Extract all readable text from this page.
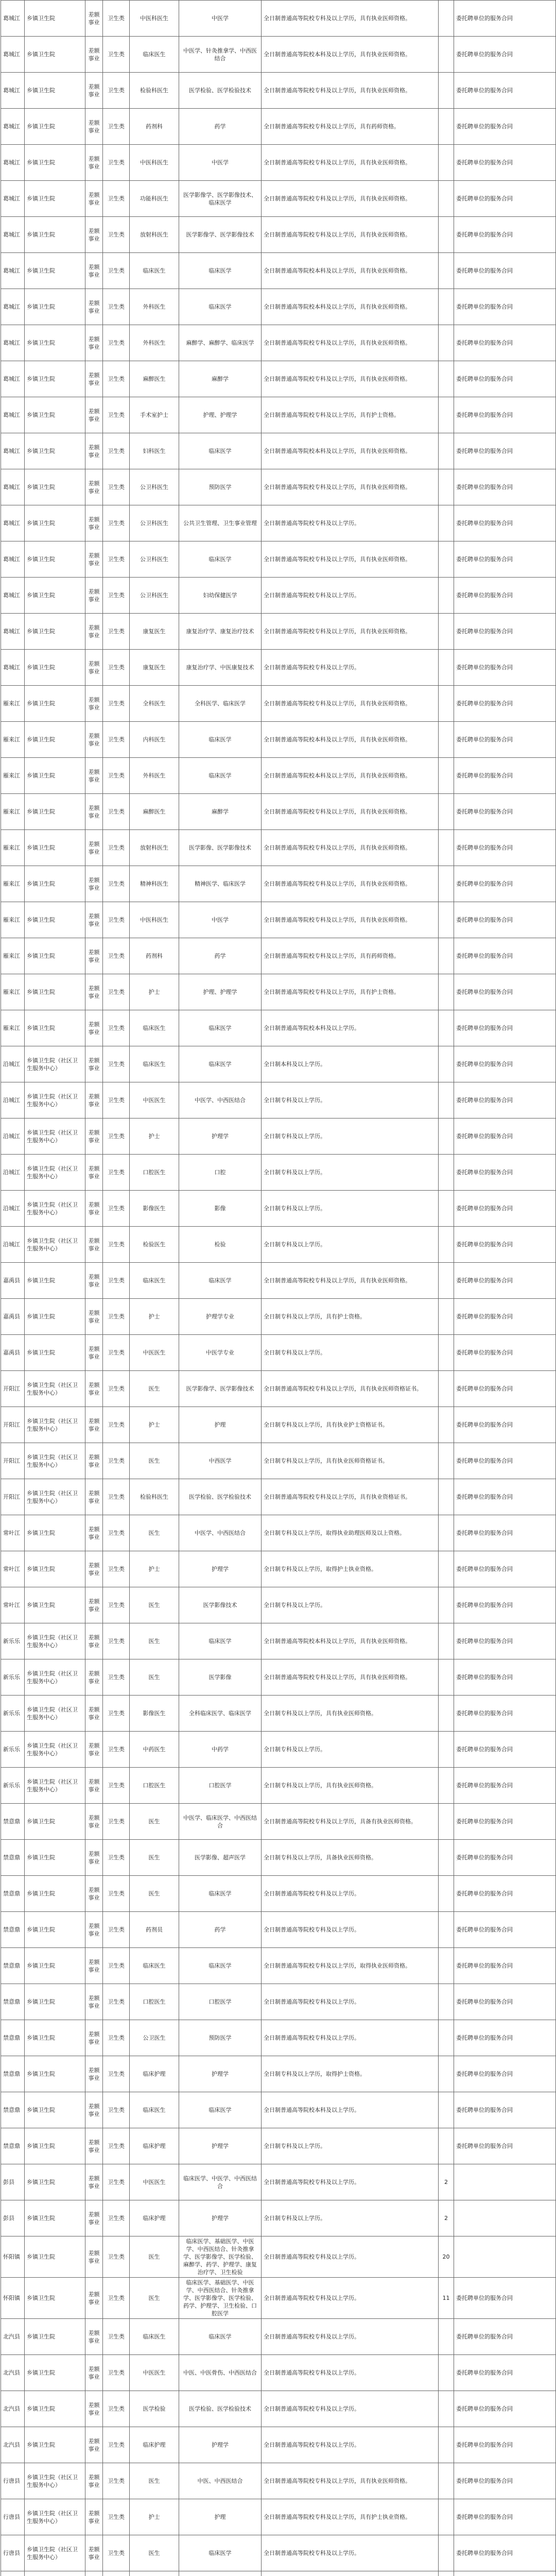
葛城江	乡镇卫生院	差额事业	卫生类	中医科医生	中医学	全日制普通高等院校专科及以上学历，具有执业医师资格。		委托聘单位的服务合同
葛城江	乡镇卫生院	差额事业	卫生类	临床医生	中医学、针灸推拿学、中西医结合	全日制普通高等院校本科及以上学历，具有执业医师资格。		委托聘单位的服务合同
葛城江	乡镇卫生院	差额事业	卫生类	检验科医生	医学检验、医学检验技术	全日制普通高等院校专科及以上学历，具有执业医师资格。		委托聘单位的服务合同
葛城江	乡镇卫生院	差额事业	卫生类	药剂科	药学	全日制普通高等院校专科及以上学历，具有药师资格。		委托聘单位的服务合同
葛城江	乡镇卫生院	差额事业	卫生类	中医科医生	中医学	全日制普通高等院校专科及以上学历，具有执业医师资格。		委托聘单位的服务合同
葛城江	乡镇卫生院	差额事业	卫生类	功能科医生	医学影像学、医学影像技术、临床医学	全日制普通高等院校专科及以上学历，具有执业医师资格。		委托聘单位的服务合同
葛城江	乡镇卫生院	差额事业	卫生类	放射科医生	医学影像学、医学影像技术	全日制普通高等院校专科及以上学历，具有执业医师资格。		委托聘单位的服务合同
葛城江	乡镇卫生院	差额事业	卫生类	临床医生	临床医学	全日制普通高等院校本科及以上学历，具有执业医师资格。		委托聘单位的服务合同
葛城江	乡镇卫生院	差额事业	卫生类	外科医生	临床医学	全日制普通高等院校本科及以上学历，具有执业医师资格。		委托聘单位的服务合同
葛城江	乡镇卫生院	差额事业	卫生类	外科医生	麻醉学、麻醉学、临床医学	全日制普通高等院校专科及以上学历，具有执业医师资格。		委托聘单位的服务合同
葛城江	乡镇卫生院	差额事业	卫生类	麻醉医生	麻醉学	全日制普通高等院校专科及以上学历，具有执业医师资格。		委托聘单位的服务合同
葛城江	乡镇卫生院	差额事业	卫生类	手术室护士	护理、护理学	全日制普通高等院校专科及以上学历，具有护士资格。		委托聘单位的服务合同
葛城江	乡镇卫生院	差额事业	卫生类	妇科医生	临床医学	全日制普通高等院校本科及以上学历，具有执业医师资格。		委托聘单位的服务合同
葛城江	乡镇卫生院	差额事业	卫生类	公卫科医生	预防医学	全日制普通高等院校专科及以上学历，具有执业医师资格。		委托聘单位的服务合同
葛城江	乡镇卫生院	差额事业	卫生类	公卫科医生	公共卫生管理、卫生事业管理	全日制普通高等院校专科及以上学历。		委托聘单位的服务合同
葛城江	乡镇卫生院	差额事业	卫生类	公卫科医生	临床医学	全日制普通高等院校专科及以上学历，具有执业医师资格。		委托聘单位的服务合同
葛城江	乡镇卫生院	差额事业	卫生类	公卫科医生	妇幼保健医学	全日制普通高等院校专科及以上学历。		委托聘单位的服务合同
葛城江	乡镇卫生院	差额事业	卫生类	康复医生	康复治疗学、康复治疗技术	全日制普通高等院校专科及以上学历，具有执业医师资格。		委托聘单位的服务合同
葛城江	乡镇卫生院	差额事业	卫生类	康复医生	康复治疗学、中医康复技术	全日制普通高等院校专科及以上学历。		委托聘单位的服务合同
雁来江	乡镇卫生院	差额事业	卫生类	全科医生	全科医学、临床医学	全日制普通高等院校专科及以上学历，具有执业医师资格。		委托聘单位的服务合同
雁来江	乡镇卫生院	差额事业	卫生类	内科医生	临床医学	全日制普通高等院校本科及以上学历，具有执业医师资格。		委托聘单位的服务合同
雁来江	乡镇卫生院	差额事业	卫生类	外科医生	临床医学	全日制普通高等院校本科及以上学历，具有执业医师资格。		委托聘单位的服务合同
雁来江	乡镇卫生院	差额事业	卫生类	麻醉医生	麻醉学	全日制普通高等院校专科及以上学历，具有执业医师资格。		委托聘单位的服务合同
雁来江	乡镇卫生院	差额事业	卫生类	放射科医生	医学影像、医学影像技术	全日制普通高等院校专科及以上学历，具有执业医师资格。		委托聘单位的服务合同
雁来江	乡镇卫生院	差额事业	卫生类	精神科医生	精神医学、临床医学	全日制普通高等院校专科及以上学历，具有执业医师资格。		委托聘单位的服务合同
雁来江	乡镇卫生院	差额事业	卫生类	中医科医生	中医学	全日制普通高等院校专科及以上学历，具有执业医师资格。		委托聘单位的服务合同
雁来江	乡镇卫生院	差额事业	卫生类	药剂科	药学	全日制普通高等院校专科及以上学历，具有药师资格。		委托聘单位的服务合同
雁来江	乡镇卫生院	差额事业	卫生类	护士	护理、护理学	全日制普通高等院校专科及以上学历，具有护士资格。		委托聘单位的服务合同
雁来江	乡镇卫生院	差额事业	卫生类	临床医生	临床医学	全日制普通高等院校本科及以上学历。		委托聘单位的服务合同
沿城江	乡镇卫生院（社区卫生服务中心）	差额事业	卫生类	临床医生	临床医学	全日制本科及以上学历。		委托聘单位的服务合同
沿城江	乡镇卫生院（社区卫生服务中心）	差额事业	卫生类	中医医生	中医学、中西医结合	全日制专科及以上学历。		委托聘单位的服务合同
沿城江	乡镇卫生院（社区卫生服务中心）	差额事业	卫生类	护士	护理学	全日制专科及以上学历。		委托聘单位的服务合同
沿城江	乡镇卫生院（社区卫生服务中心）	差额事业	卫生类	口腔医生	口腔	全日制专科及以上学历。		委托聘单位的服务合同
沿城江	乡镇卫生院（社区卫生服务中心）	差额事业	卫生类	影像医生	影像	全日制专科及以上学历。		委托聘单位的服务合同
沿城江	乡镇卫生院（社区卫生服务中心）	差额事业	卫生类	检验医生	检验	全日制专科及以上学历。		委托聘单位的服务合同
嘉禹县	乡镇卫生院	差额事业	卫生类	临床医生	临床医学	全日制普通高等院校专科及以上学历，具有执业医师资格。		委托聘单位的服务合同
嘉禹县	乡镇卫生院	差额事业	卫生类	护士	护理学专业	全日制专科及以上学历，具有护士资格。		委托聘单位的服务合同
嘉禹县	乡镇卫生院	差额事业	卫生类	中医医生	中医学专业	全日制专科及以上学历。		委托聘单位的服务合同
开阳江	乡镇卫生院（社区卫生服务中心）	差额事业	卫生类	医生	医学影像学、医学影像技术	全日制普通高等院校专科及以上学历，具有执业医师资格证书。		委托聘单位的服务合同
开阳江	乡镇卫生院（社区卫生服务中心）	差额事业	卫生类	护士	护理	全日制专科及以上学历，具有执业护士资格证书。		委托聘单位的服务合同
开阳江	乡镇卫生院（社区卫生服务中心）	差额事业	卫生类	医生	中西医学	全日制专科及以上学历，具有执业医师资格证书。		委托聘单位的服务合同
开阳江	乡镇卫生院（社区卫生服务中心）	差额事业	卫生类	检验科医生	医学检验、医学检验技术	全日制普通高等院校专科及以上学历，具有执业资格证书。		委托聘单位的服务合同
常叶江	乡镇卫生院	差额事业	卫生类	医生	中医学、中西医结合	全日制专科及以上学历，取得执业助理医师及以上资格。		委托聘单位的服务合同
常叶江	乡镇卫生院	差额事业	卫生类	护士	护理学	全日制专科及以上学历，取得护士执业资格。		委托聘单位的服务合同
常叶江	乡镇卫生院	差额事业	卫生类	医生	医学影像技术	全日制专科及以上学历。		委托聘单位的服务合同
新乐乐	乡镇卫生院（社区卫生服务中心）	差额事业	卫生类	医生	临床医学	全日制普通高等院校本科及以上学历，具有执业医师资格。		委托聘单位的服务合同
新乐乐	乡镇卫生院（社区卫生服务中心）	差额事业	卫生类	医生	医学影像	全日制普通高等院校专科及以上学历，具有执业医师资格。		委托聘单位的服务合同
新乐乐	乡镇卫生院（社区卫生服务中心）	差额事业	卫生类	影像医生	全科临床医学、临床医学	全日制专科及以上学历，具有执业医师资格。		委托聘单位的服务合同
新乐乐	乡镇卫生院（社区卫生服务中心）	差额事业	卫生类	中药医生	中药学	全日制专科及以上学历。		委托聘单位的服务合同
新乐乐	乡镇卫生院（社区卫生服务中心）	差额事业	卫生类	口腔医生	口腔医学	全日制专科及以上学历，具有执业医师资格。		委托聘单位的服务合同
禁意鼎	乡镇卫生院	差额事业	卫生类	医生	中医学、临床医学、中西医结合	全日制普通高等院校专科及以上学历，具备有执业医师资格。		委托聘单位的服务合同
禁意鼎	乡镇卫生院	差额事业	卫生类	医生	医学影像、超声医学	全日制专科及以上学历，具备执业医师资格。		委托聘单位的服务合同
禁意鼎	乡镇卫生院	差额事业	卫生类	医生	临床医学	全日制普通高等院校专科及以上学历。		委托聘单位的服务合同
禁意鼎	乡镇卫生院	差额事业	卫生类	药剂员	药学	全日制普通高等院校专科及以上学历。		委托聘单位的服务合同
禁意鼎	乡镇卫生院	差额事业	卫生类	临床医生	临床医学	全日制普通高等院校专科及以上学历，取得执业医师资格。		委托聘单位的服务合同
禁意鼎	乡镇卫生院	差额事业	卫生类	口腔医生	口腔医学	全日制普通高等院校专科及以上学历。		委托聘单位的服务合同
禁意鼎	乡镇卫生院	差额事业	卫生类	公卫医生	预防医学	全日制普通高等院校专科及以上学历。		委托聘单位的服务合同
禁意鼎	乡镇卫生院	差额事业	卫生类	临床护理	护理学	全日制专科及以上学历，取得护士资格。		委托聘单位的服务合同
禁意鼎	乡镇卫生院	差额事业	卫生类	临床医生	临床医学	全日制普通高等院校本科及以上学历。		委托聘单位的服务合同
禁意鼎	乡镇卫生院	差额事业	卫生类	临床护理	护理学	全日制专科及以上学历。		委托聘单位的服务合同
彭县	乡镇卫生院	差额事业	卫生类	中医医生	临床医学、中医学、中西医结合	全日制普通高等院校专科及以上学历。	2	
彭县	乡镇卫生院	差额事业	卫生类	临床护理	护理学	全日制专科及以上学历。	2	
怀阳镇	乡镇卫生院	差额事业	卫生类	医生	临床医学、基础医学、中医学、中西医结合、针灸推拿学、医学影像学、医学检验、麻醉学、药学、护理学、康复治疗学、卫生检验	全日制普通高等院校专科及以上学历。	20	
怀阳镇	乡镇卫生院	差额事业	卫生类	医生	临床医学、基础医学、中医学、中西医结合、针灸推拿学、医学影像学、医学检验、药学、护理学、卫生检验、口腔医学	全日制普通高等院校专科及以上学历。	11	委托聘单位的服务合同
北汽县	乡镇卫生院	差额事业	卫生类	临床医生	临床医学	全日制普通高等院校专科及以上学历。		委托聘单位的服务合同
北汽县	乡镇卫生院	差额事业	卫生类	中医医生	中医、中医骨伤、中西医结合	全日制普通高等院校专科及以上学历。		委托聘单位的服务合同
北汽县	乡镇卫生院	差额事业	卫生类	医学检验	医学检验、医学检验技术	全日制普通高等院校专科及以上学历。		委托聘单位的服务合同
北汽县	乡镇卫生院	差额事业	卫生类	临床护理	护理学	全日制普通高等院校专科及以上学历。		委托聘单位的服务合同
行唐县	乡镇卫生院（社区卫生服务中心）	差额事业	卫生类	医生	中医、中西医结合	全日制普通高等院校专科及以上学历，具有执业医师资格。		委托聘单位的服务合同
行唐县	乡镇卫生院（社区卫生服务中心）	差额事业	卫生类	护士	护理	全日制普通高等院校专科及以上学历，具有护士执业资格。		委托聘单位的服务合同
行唐县	乡镇卫生院（社区卫生服务中心）	差额事业	卫生类	医生	临床医学	全日制普通高等院校专科及以上学历。		委托聘单位的服务合同
